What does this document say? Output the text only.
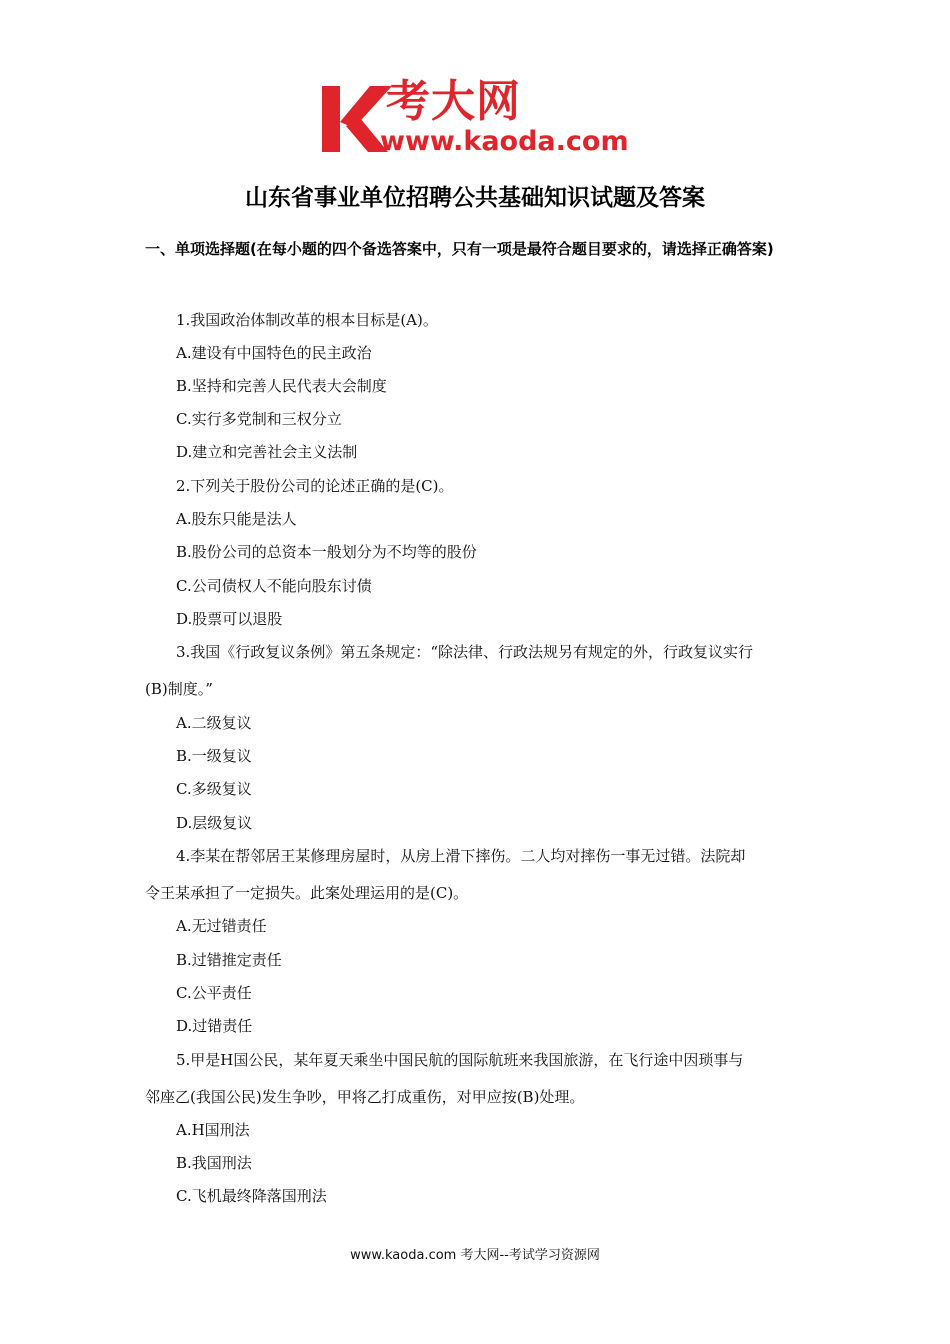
考大网
www.kaoda.com
山东省事业单位招聘公共基础知识试题及答案
一、单项选择题(在每小题的四个备选答案中，只有一项是最符合题目要求的，请选择正确答案)
1.我国政治体制改革的根本目标是(A)。
A.建设有中国特色的民主政治
B.坚持和完善人民代表大会制度
C.实行多党制和三权分立
D.建立和完善社会主义法制
2.下列关于股份公司的论述正确的是(C)。
A.股东只能是法人
B.股份公司的总资本一般划分为不均等的股份
C.公司债权人不能向股东讨债
D.股票可以退股
3.我国《行政复议条例》第五条规定：“除法律、行政法规另有规定的外，行政复议实行
(B)制度。”
A.二级复议
B.一级复议
C.多级复议
D.层级复议
4.李某在帮邻居王某修理房屋时，从房上滑下摔伤。二人均对摔伤一事无过错。法院却
令王某承担了一定损失。此案处理运用的是(C)。
A.无过错责任
B.过错推定责任
C.公平责任
D.过错责任
5.甲是H国公民，某年夏天乘坐中国民航的国际航班来我国旅游，在飞行途中因琐事与
邻座乙(我国公民)发生争吵，甲将乙打成重伤，对甲应按(B)处理。
A.H国刑法
B.我国刑法
C.飞机最终降落国刑法
www.kaoda.com 考大网--考试学习资源网
